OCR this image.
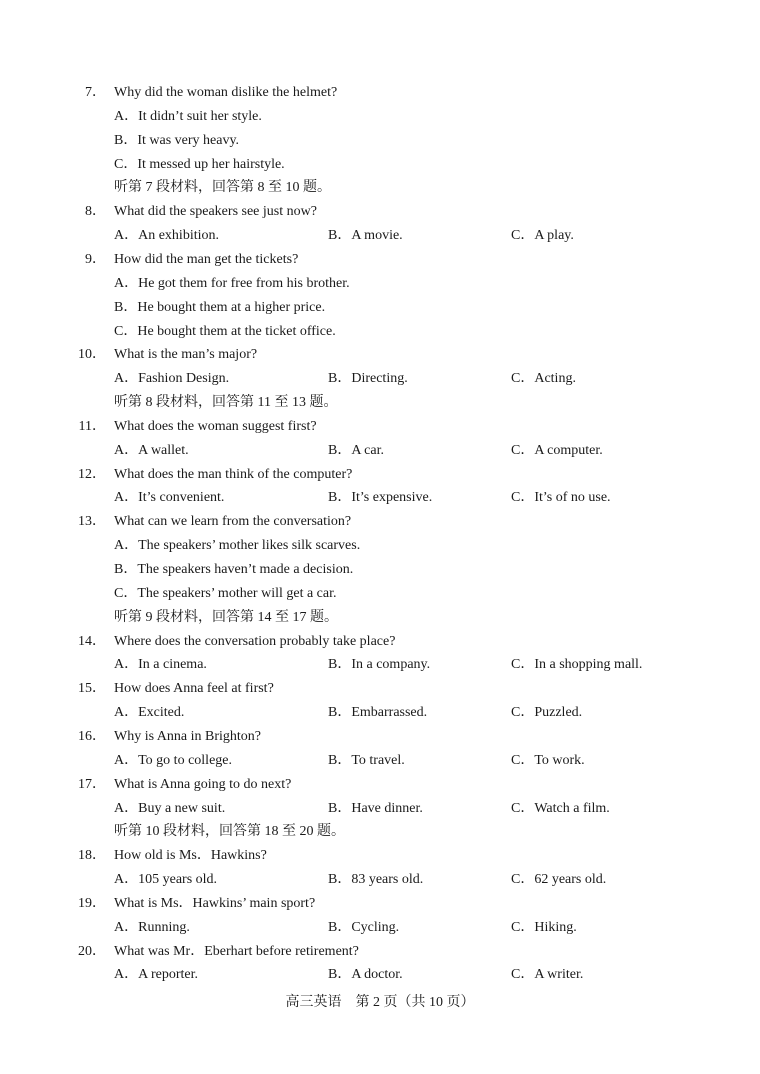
7． Why did the woman dislike the helmet?
A．It didn’t suit her style.
B．It was very heavy.
C．It messed up her hairstyle.
听第 7 段材料，回答第 8 至 10 题。
8． What did the speakers see just now?
A．An exhibition.	B．A movie.	C．A play.
9． How did the man get the tickets?
A．He got them for free from his brother.
B．He bought them at a higher price.
C．He bought them at the ticket office.
10． What is the man’s major?
A．Fashion Design.	B．Directing.	C．Acting.
听第 8 段材料，回答第 11 至 13 题。
11． What does the woman suggest first?
A．A wallet.	B．A car.	C．A computer.
12． What does the man think of the computer?
A．It’s convenient.	B．It’s expensive.	C．It’s of no use.
13． What can we learn from the conversation?
A．The speakers’ mother likes silk scarves.
B．The speakers haven’t made a decision.
C．The speakers’ mother will get a car.
听第 9 段材料，回答第 14 至 17 题。
14． Where does the conversation probably take place?
A．In a cinema.	B．In a company.	C．In a shopping mall.
15． How does Anna feel at first?
A．Excited.	B．Embarrassed.	C．Puzzled.
16． Why is Anna in Brighton?
A．To go to college.	B．To travel.	C．To work.
17． What is Anna going to do next?
A．Buy a new suit.	B．Have dinner.	C．Watch a film.
听第 10 段材料，回答第 18 至 20 题。
18． How old is Ms．Hawkins?
A．105 years old.	B．83 years old.	C．62 years old.
19． What is Ms．Hawkins’ main sport?
A．Running.	B．Cycling.	C．Hiking.
20． What was Mr．Eberhart before retirement?
A．A reporter.	B．A doctor.	C．A writer.
高三英语　第 2 页（共 10 页）
